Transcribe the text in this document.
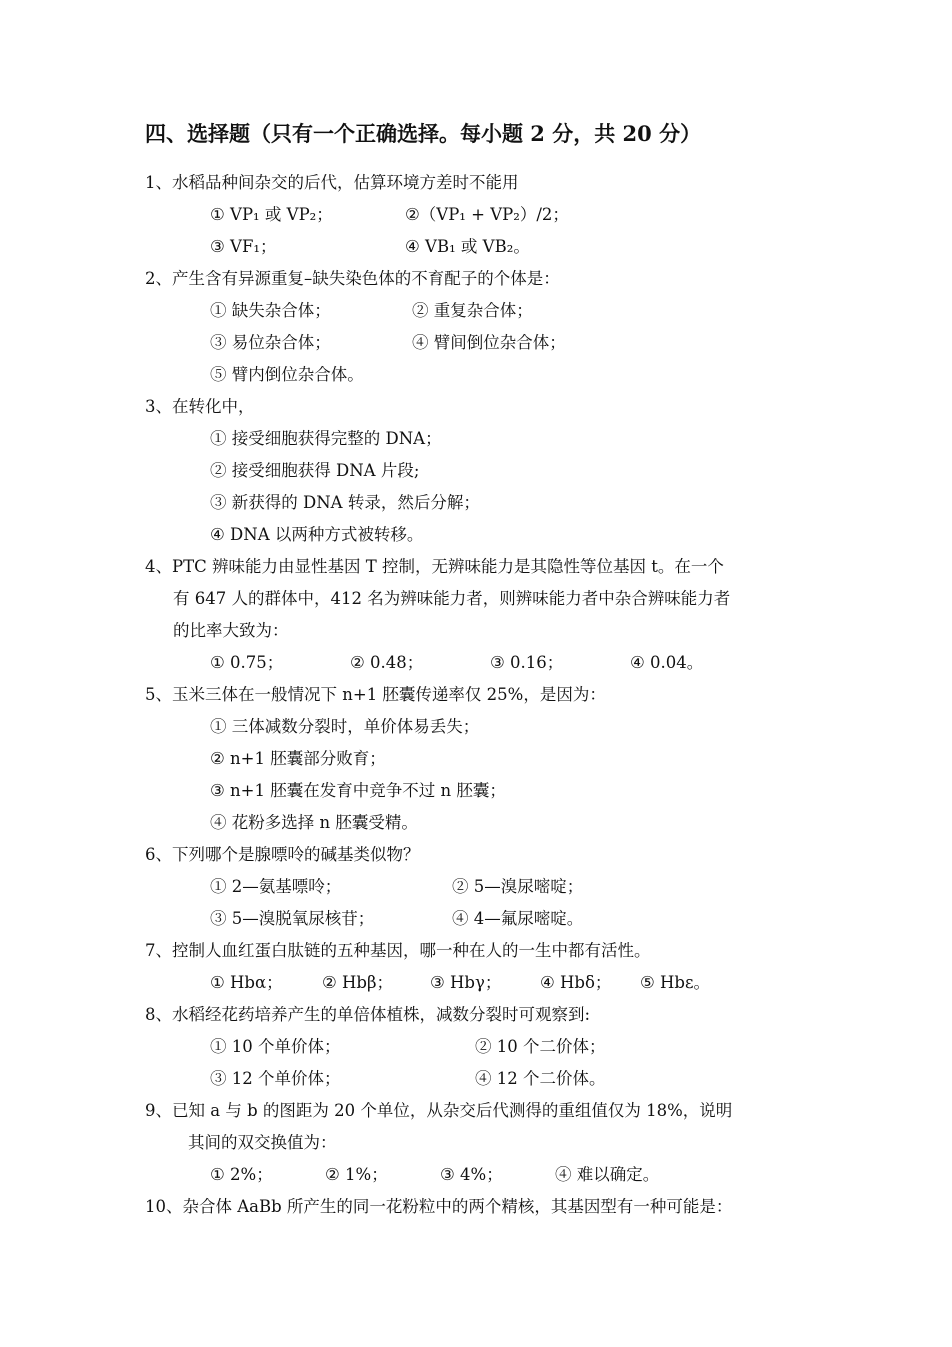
四、选择题（只有一个正确选择。每小题 2 分，共 20 分）
1、水稻品种间杂交的后代，估算环境方差时不能用
① VP₁ 或 VP₂；	②（VP₁ + VP₂）/2；
③ VF₁；	④ VB₁ 或 VB₂。
2、产生含有异源重复–缺失染色体的不育配子的个体是：
① 缺失杂合体；	② 重复杂合体；
③ 易位杂合体；	④ 臂间倒位杂合体；
⑤ 臂内倒位杂合体。
3、在转化中，
① 接受细胞获得完整的 DNA；
② 接受细胞获得 DNA 片段;
③ 新获得的 DNA 转录，然后分解；
④ DNA 以两种方式被转移。
4、PTC 辨味能力由显性基因 T 控制，无辨味能力是其隐性等位基因 t。在一个
有 647 人的群体中，412 名为辨味能力者，则辨味能力者中杂合辨味能力者
的比率大致为：
① 0.75；	② 0.48；	③ 0.16；	④ 0.04。
5、玉米三体在一般情况下 n+1 胚囊传递率仅 25%，是因为：
① 三体减数分裂时，单价体易丢失；
② n+1 胚囊部分败育；
③ n+1 胚囊在发育中竞争不过 n 胚囊；
④ 花粉多选择 n 胚囊受精。
6、下列哪个是腺嘌呤的碱基类似物？
① 2—氨基嘌呤；	② 5—溴尿嘧啶；
③ 5—溴脱氧尿核苷；	④ 4—氟尿嘧啶。
7、控制人血红蛋白肽链的五种基因，哪一种在人的一生中都有活性。
① Hbα； ② Hbβ； ③ Hbγ； ④ Hbδ； ⑤ Hbε。
8、水稻经花药培养产生的单倍体植株，减数分裂时可观察到:
① 10 个单价体；	② 10 个二价体；
③ 12 个单价体；	④ 12 个二价体。
9、已知 a 与 b 的图距为 20 个单位，从杂交后代测得的重组值仅为 18%，说明
其间的双交换值为：
① 2%；	② 1%；	③ 4%；	④ 难以确定。
10、杂合体 AaBb 所产生的同一花粉粒中的两个精核，其基因型有一种可能是：
